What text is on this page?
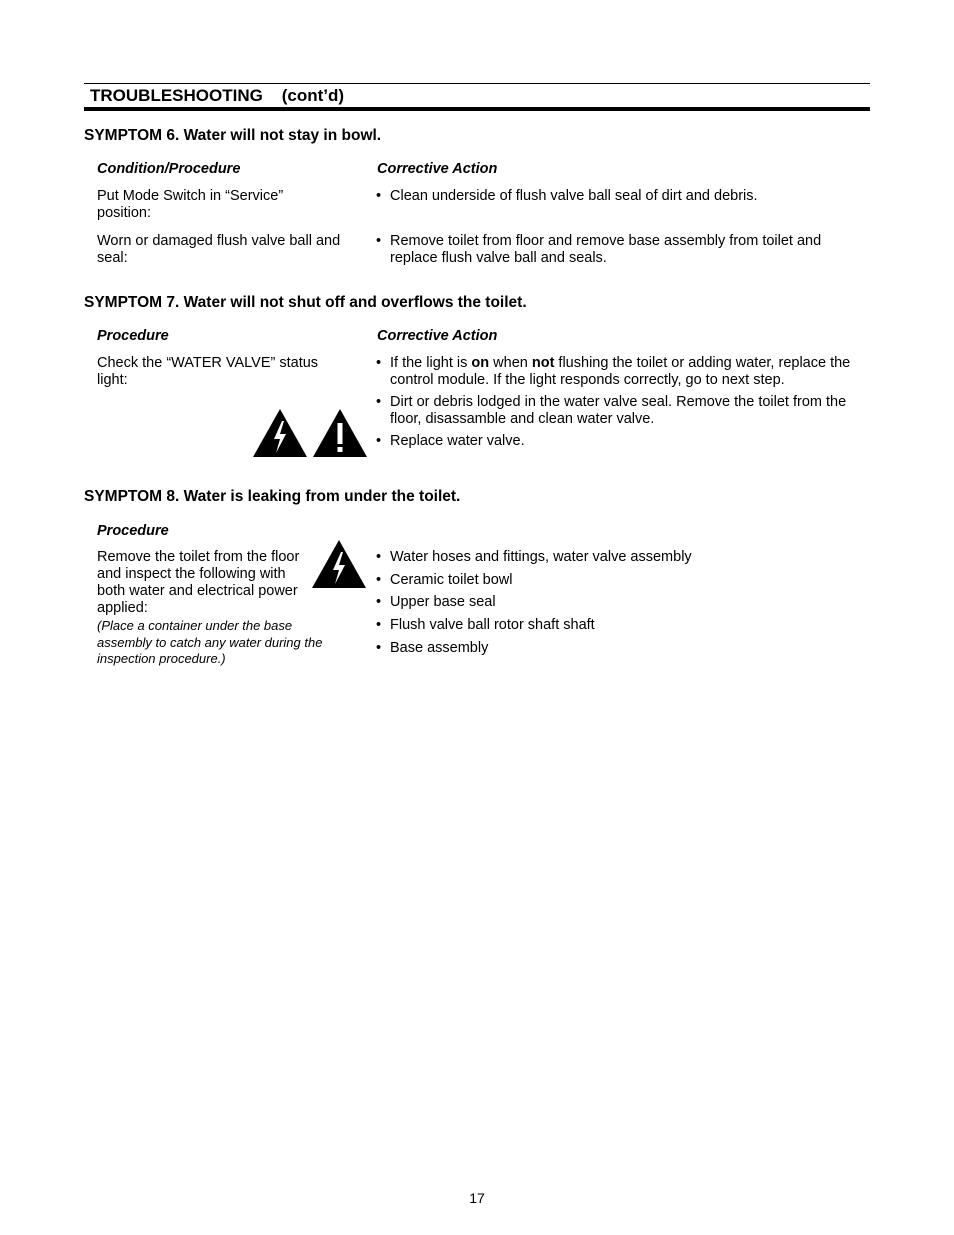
TROUBLESHOOTING    (cont’d)
SYMPTOM 6. Water will not stay in bowl.
Condition/Procedure	Corrective Action
Put Mode Switch in “Service” position:
• Clean underside of flush valve ball seal of dirt and debris.
Worn or damaged flush valve ball and seal:
• Remove toilet from floor and remove base assembly from toilet and replace flush valve ball and seals.
SYMPTOM 7. Water will not shut off and overflows the toilet.
Procedure	Corrective Action
Check the “WATER VALVE” status light:
• If the light is on when not flushing the toilet or adding water, replace the control module. If the light responds correctly, go to next step.
• Dirt or debris lodged in the water valve seal. Remove the toilet from the floor, disassamble and clean water valve.
• Replace water valve.
SYMPTOM 8. Water is leaking from under the toilet.
Procedure
Remove the toilet from the floor and inspect the following with both water and electrical power applied:
(Place a container under the base assembly to catch any water during the inspection procedure.)
• Water hoses and fittings, water valve assembly
• Ceramic toilet bowl
• Upper base seal
• Flush valve ball rotor shaft shaft
• Base assembly
17
